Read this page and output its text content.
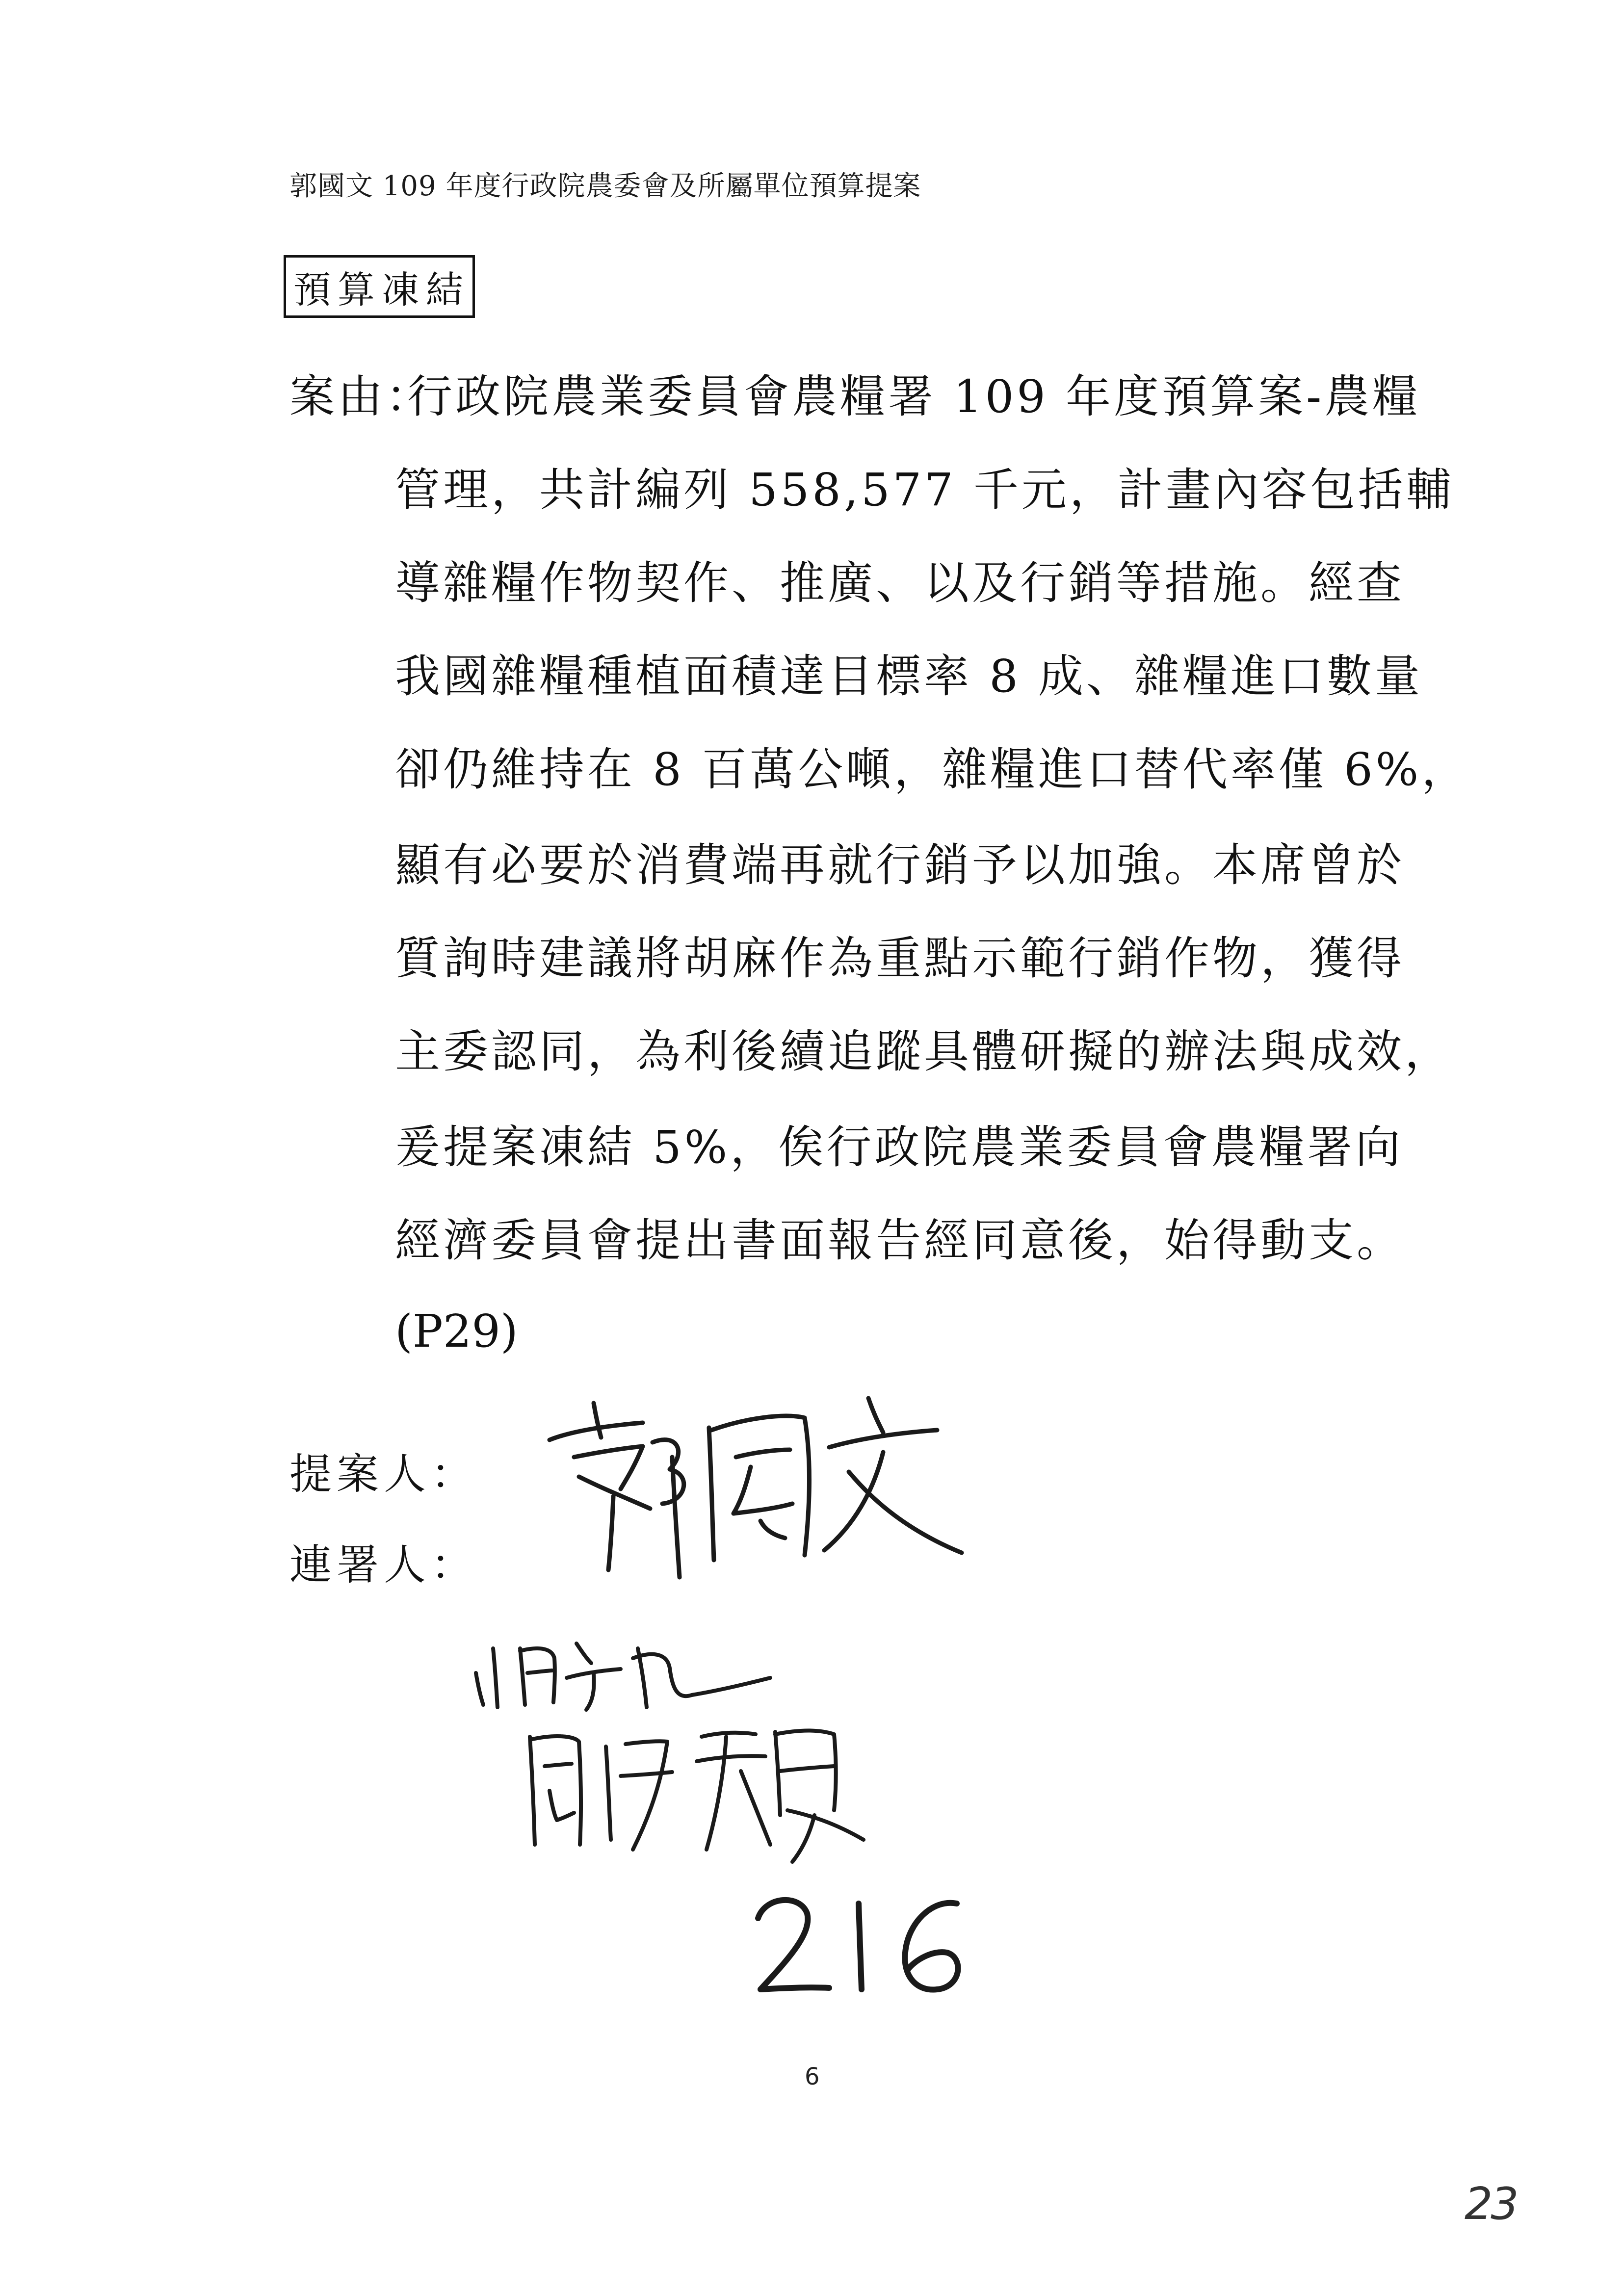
郭國文 109 年度行政院農委會及所屬單位預算提案
預算凍結
案由：
行政院農業委員會農糧署 109 年度預算案-農糧
管理，共計編列 558,577 千元，計畫內容包括輔
導雜糧作物契作、推廣、以及行銷等措施。經查
我國雜糧種植面積達目標率 8 成、雜糧進口數量
卻仍維持在 8 百萬公噸，雜糧進口替代率僅 6%，
顯有必要於消費端再就行銷予以加強。本席曾於
質詢時建議將胡麻作為重點示範行銷作物，獲得
主委認同，為利後續追蹤具體研擬的辦法與成效，
爰提案凍結 5%，俟行政院農業委員會農糧署向
經濟委員會提出書面報告經同意後，始得動支。
(P29)
提案人：
連署人：
6
23
